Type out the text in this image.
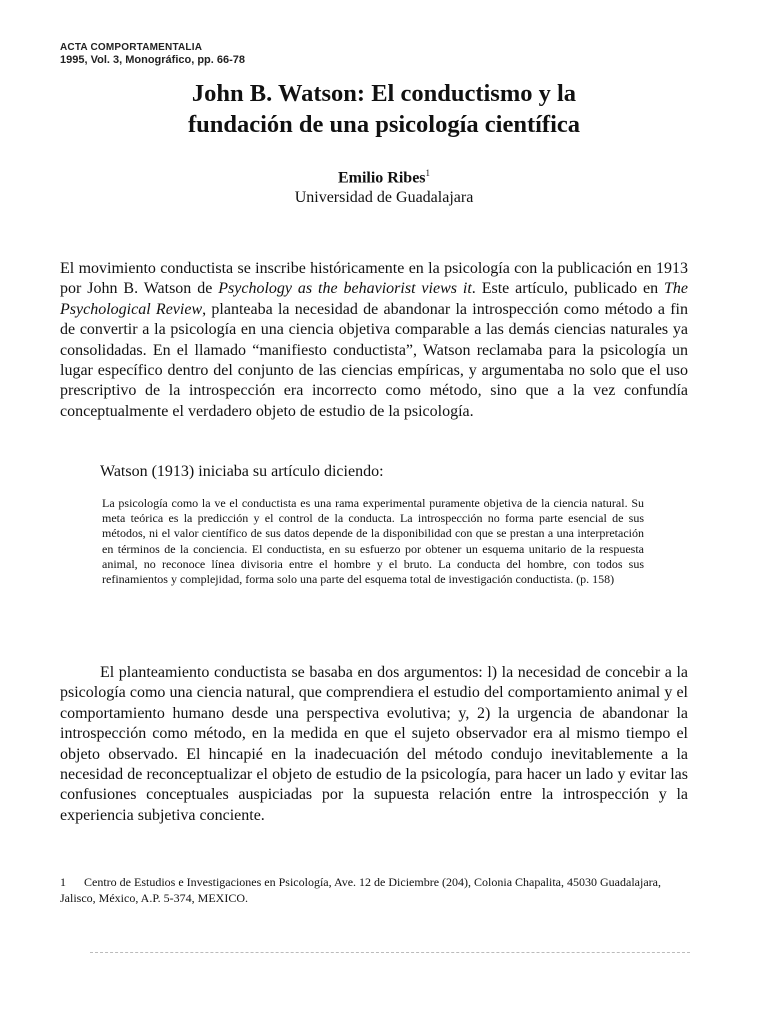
ACTA COMPORTAMENTALIA
1995, Vol. 3, Monográfico, pp. 66-78
John B. Watson: El conductismo y la
fundación de una psicología científica
Emilio Ribes$^1$
Universidad de Guadalajara
El movimiento conductista se inscribe históricamente en la psicología con la publicación en 1913 por John B. Watson de Psychology as the behaviorist views it. Este artículo, publicado en The Psychological Review, planteaba la necesidad de abandonar la introspección como método a fin de convertir a la psicología en una ciencia objetiva comparable a las demás ciencias naturales ya consolidadas. En el llamado “manifiesto conductista”, Watson reclamaba para la psicología un lugar específico dentro del conjunto de las ciencias empíricas, y argumentaba no solo que el uso prescriptivo de la introspección era incorrecto como método, sino que a la vez confundía conceptualmente el verdadero objeto de estudio de la psicología.
Watson (1913) iniciaba su artículo diciendo:
La psicología como la ve el conductista es una rama experimental puramente objetiva de la ciencia natural. Su meta teórica es la predicción y el control de la conducta. La introspección no forma parte esencial de sus métodos, ni el valor científico de sus datos depende de la disponibilidad con que se prestan a una interpretación en términos de la conciencia. El conductista, en su esfuerzo por obtener un esquema unitario de la respuesta animal, no reconoce línea divisoria entre el hombre y el bruto. La conducta del hombre, con todos sus refinamientos y complejidad, forma solo una parte del esquema total de investigación conductista. (p. 158)
El planteamiento conductista se basaba en dos argumentos: l) la necesidad de concebir a la psicología como una ciencia natural, que comprendiera el estudio del comportamiento animal y el comportamiento humano desde una perspectiva evolutiva; y, 2) la urgencia de abandonar la introspección como método, en la medida en que el sujeto observador era al mismo tiempo el objeto observado. El hincapié en la inadecuación del método condujo inevitablemente a la necesidad de reconceptualizar el objeto de estudio de la psicología, para hacer un lado y evitar las confusiones conceptuales auspiciadas por la supuesta relación entre la introspección y la experiencia subjetiva conciente.
1 Centro de Estudios e Investigaciones en Psicología, Ave. 12 de Diciembre (204), Colonia Chapalita, 45030 Guadalajara, Jalisco, México, A.P. 5-374, MEXICO.
